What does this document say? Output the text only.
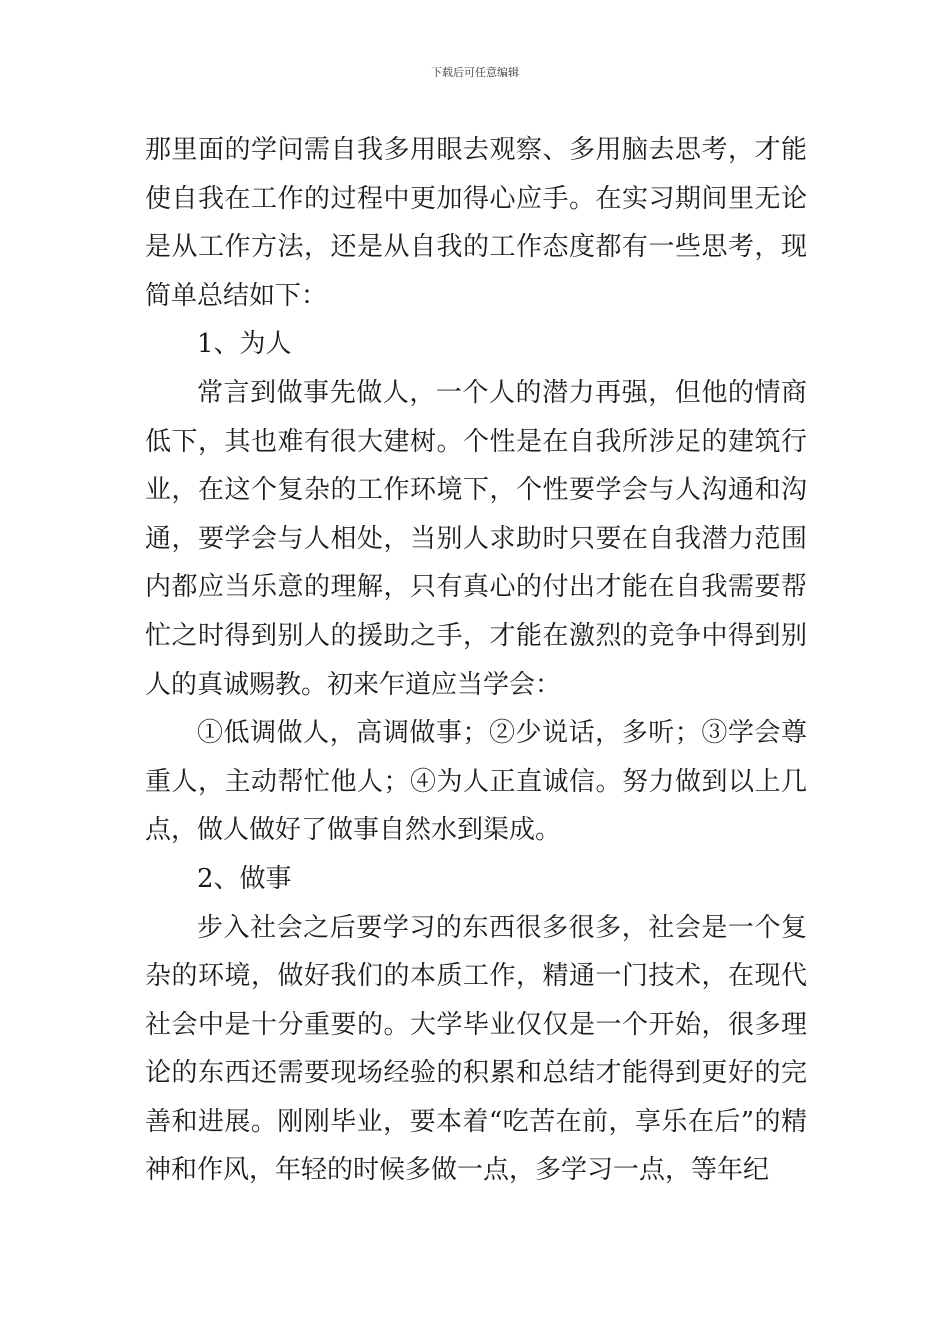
下载后可任意编辑

那里面的学问需自我多用眼去观察、多用脑去思考，才能使自我在工作的过程中更加得心应手。在实习期间里无论是从工作方法，还是从自我的工作态度都有一些思考，现简单总结如下：

1、为人

常言到做事先做人，一个人的潜力再强，但他的情商低下，其也难有很大建树。个性是在自我所涉足的建筑行业，在这个复杂的工作环境下，个性要学会与人沟通和沟通，要学会与人相处，当别人求助时只要在自我潜力范围内都应当乐意的理解，只有真心的付出才能在自我需要帮忙之时得到别人的援助之手，才能在激烈的竞争中得到别人的真诚赐教。初来乍道应当学会：

①低调做人，高调做事；②少说话，多听；③学会尊重人，主动帮忙他人；④为人正直诚信。努力做到以上几点，做人做好了做事自然水到渠成。

2、做事

步入社会之后要学习的东西很多很多，社会是一个复杂的环境，做好我们的本质工作，精通一门技术，在现代社会中是十分重要的。大学毕业仅仅是一个开始，很多理论的东西还需要现场经验的积累和总结才能得到更好的完善和进展。刚刚毕业，要本着“吃苦在前，享乐在后”的精神和作风，年轻的时候多做一点，多学习一点，等年纪
